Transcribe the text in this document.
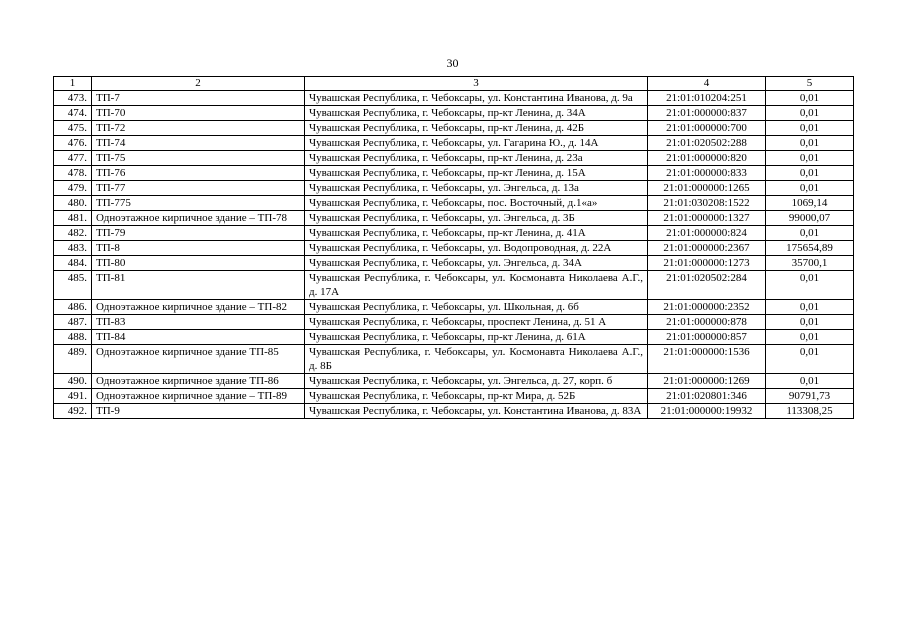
30
1	2	3	4	5
473.	ТП-7	Чувашская Республика, г. Чебоксары, ул. Константина Иванова, д. 9а	21:01:010204:251	0,01
474.	ТП-70	Чувашская Республика, г. Чебоксары, пр-кт Ленина, д. 34А	21:01:000000:837	0,01
475.	ТП-72	Чувашская Республика, г. Чебоксары, пр-кт Ленина, д. 42Б	21:01:000000:700	0,01
476.	ТП-74	Чувашская Республика, г. Чебоксары, ул. Гагарина Ю., д. 14А	21:01:020502:288	0,01
477.	ТП-75	Чувашская Республика, г. Чебоксары, пр-кт Ленина, д. 23а	21:01:000000:820	0,01
478.	ТП-76	Чувашская Республика, г. Чебоксары, пр-кт Ленина, д. 15А	21:01:000000:833	0,01
479.	ТП-77	Чувашская Республика, г. Чебоксары, ул. Энгельса, д. 13а	21:01:000000:1265	0,01
480.	ТП-775	Чувашская Республика, г. Чебоксары, пос. Восточный, д.1«а»	21:01:030208:1522	1069,14
481.	Одноэтажное кирпичное здание – ТП-78	Чувашская Республика, г. Чебоксары, ул. Энгельса, д. 3Б	21:01:000000:1327	99000,07
482.	ТП-79	Чувашская Республика, г. Чебоксары, пр-кт Ленина, д. 41А	21:01:000000:824	0,01
483.	ТП-8	Чувашская Республика, г. Чебоксары, ул. Водопроводная, д. 22А	21:01:000000:2367	175654,89
484.	ТП-80	Чувашская Республика, г. Чебоксары, ул. Энгельса, д. 34А	21:01:000000:1273	35700,1
485.	ТП-81	Чувашская Республика, г. Чебоксары, ул. Космонавта Николаева А.Г., д. 17А	21:01:020502:284	0,01
486.	Одноэтажное кирпичное здание – ТП-82	Чувашская Республика, г. Чебоксары, ул. Школьная, д. 6б	21:01:000000:2352	0,01
487.	ТП-83	Чувашская Республика, г. Чебоксары, проспект Ленина, д. 51 А	21:01:000000:878	0,01
488.	ТП-84	Чувашская Республика, г. Чебоксары, пр-кт Ленина, д. 61А	21:01:000000:857	0,01
489.	Одноэтажное кирпичное здание ТП-85	Чувашская Республика, г. Чебоксары, ул. Космонавта Николаева А.Г., д. 8Б	21:01:000000:1536	0,01
490.	Одноэтажное кирпичное здание ТП-86	Чувашская Республика, г. Чебоксары, ул. Энгельса, д. 27, корп. б	21:01:000000:1269	0,01
491.	Одноэтажное кирпичное здание – ТП-89	Чувашская Республика, г. Чебоксары, пр-кт Мира, д. 52Б	21:01:020801:346	90791,73
492.	ТП-9	Чувашская Республика, г. Чебоксары, ул. Константина Иванова, д. 83А	21:01:000000:19932	113308,25
